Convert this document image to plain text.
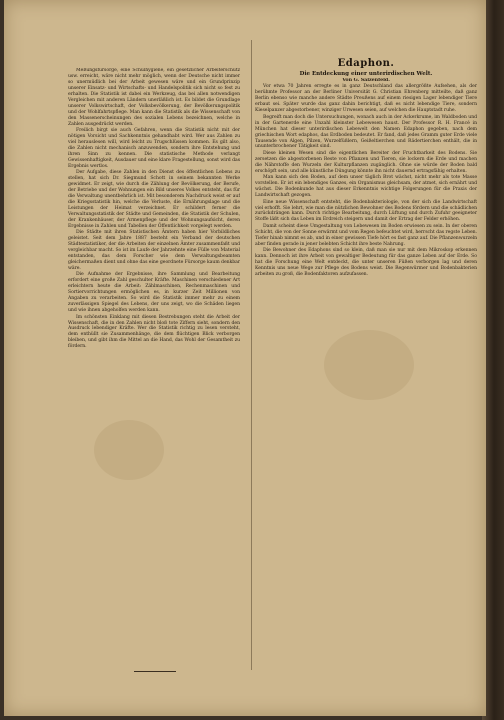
Meßungsfürsorge, eine Schulhygiene, ein gesetzlicher Arbeiterschutz usw. erreicht, wäre nicht mehr möglich, wenn der Deutsche nicht immer so unermüdlich bei der Arbeit gewesen wäre und ein Grundprinzip unserer Einsatz- und Wirtschafts- und Handelspolitik sich nicht so fest zu erhalten. Die Statistik ist dabei ein Werkzeug, das bei allen notwendigen Vergleichen mit anderen Ländern unerläßlich ist. Es bildet die Grundlage unserer Volkswirtschaft, der Volksbevölkerung, der Bevölkerungspolitik und der Wohlfahrtspflege. Man kann die Statistik als die Wissenschaft von den Massenerscheinungen des sozialen Lebens bezeichnen, welche in Zahlen ausgedrückt werden.

Freilich birgt sie auch Gefahren, wenn die Statistik nicht mit der nötigen Vorsicht und Sachkenntnis gehandhabt wird. Wer aus Zahlen zu viel herauslesen will, wird leicht zu Trugschlüssen kommen. Es gilt also, die Zahlen nicht mechanisch anzuwenden, sondern ihre Entstehung und ihren Sinn zu kennen. Die statistische Methode verlangt Gewissenhaftigkeit, Ausdauer und eine klare Fragestellung, sonst wird das Ergebnis wertlos.

Der Aufgabe, diese Zahlen in den Dienst des öffentlichen Lebens zu stellen, hat sich Dr. Siegmund Schott in seinem bekannten Werke gewidmet. Er zeigt, wie durch die Zählung der Bevölkerung, der Berufe, der Betriebe und der Wohnungen ein Bild unseres Volkes entsteht, das für die Verwaltung unentbehrlich ist. Mit besonderem Nachdruck weist er auf die Kriegsstatistik hin, welche die Verluste, die Ernährungslage und die Leistungen der Heimat verzeichnet. Er schildert ferner die Verwaltungsstatistik der Städte und Gemeinden, die Statistik der Schulen, der Krankenhäuser, der Armenpflege und der Wohnungsaufsicht, deren Ergebnisse in Zahlen und Tabellen der Öffentlichkeit vorgelegt werden.

Die Städte mit ihren Statistischen Ämtern haben hier Vorbildliches geleistet. Seit dem Jahre 1887 besteht ein Verband der deutschen Städtestatistiker, der die Arbeiten der einzelnen Ämter zusammenfaßt und vergleichbar macht. So ist im Laufe der Jahrzehnte eine Fülle von Material entstanden, das dem Forscher wie dem Verwaltungsbeamten gleichermaßen dient und ohne das eine geordnete Fürsorge kaum denkbar wäre.

Die Aufnahme der Ergebnisse, ihre Sammlung und Bearbeitung erfordert eine große Zahl geschulter Kräfte. Maschinen verschiedener Art erleichtern heute die Arbeit: Zählmaschinen, Rechenmaschinen und Sortiervorrichtungen ermöglichen es, in kurzer Zeit Millionen von Angaben zu verarbeiten. So wird die Statistik immer mehr zu einem zuverlässigen Spiegel des Lebens, der uns zeigt, wo die Schäden liegen und wie ihnen abgeholfen werden kann.

Im schönsten Einklang mit diesen Bestrebungen steht die Arbeit der Wissenschaft, die in den Zahlen nicht bloß tote Ziffern sieht, sondern den Ausdruck lebendiger Kräfte. Wer die Statistik richtig zu lesen versteht, dem enthüllt sie Zusammenhänge, die dem flüchtigen Blick verborgen bleiben, und gibt ihm die Mittel an die Hand, das Wohl der Gesamtheit zu fördern.

Edaphon.
Die Entdeckung einer unterirdischen Welt.

Von G. Salzenfeld.

Vor etwa 70 Jahren erregte es in ganz Deutschland das allergrößte Aufsehen, als der berühmte Professor an der Berliner Universität G. Christian Ehrenberg mitteilte, daß ganz Berlin ebenso wie manche andere Städte Preußens auf einem riesigen Lager lebendiger Tiere erbaut sei. Später wurde das ganz dahin berichtigt, daß es nicht lebendige Tiere, sondern Kieselpanzer abgestorbener, winziger Urwesen seien, auf welchen die Hauptstadt ruhe.

Begreift man doch die Untersuchungen, wonach auch in der Ackerkrume, im Waldboden und in der Gartenerde eine Unzahl kleinster Lebewesen haust. Der Professor R. H. Francé in München hat dieser unterirdischen Lebewelt den Namen Edaphon gegeben, nach dem griechischen Wort edaphos, das Erdboden bedeutet. Er fand, daß jedes Gramm guter Erde viele Tausende von Algen, Pilzen, Wurzelfüßlern, Geißeltierchen und Rädertierchen enthält, die in ununterbrochener Tätigkeit sind.

Diese kleinen Wesen sind die eigentlichen Bereiter der Fruchtbarkeit des Bodens. Sie zersetzen die abgestorbenen Reste von Pflanzen und Tieren, sie lockern die Erde und machen die Nährstoffe den Wurzeln der Kulturpflanzen zugänglich. Ohne sie würde der Boden bald erschöpft sein, und alle künstliche Düngung könnte ihn nicht dauernd ertragsfähig erhalten.

Man kann sich den Boden, auf dem unser täglich Brot wächst, nicht mehr als tote Masse vorstellen. Er ist ein lebendiges Ganzes, ein Organismus gleichsam, der atmet, sich ernährt und wächst. Die Bodenkunde hat aus dieser Erkenntnis wichtige Folgerungen für die Praxis der Landwirtschaft gezogen.

Eine neue Wissenschaft entsteht, die Bodenbakteriologie, von der sich die Landwirtschaft viel erhofft. Sie lehrt, wie man die nützlichen Bewohner des Bodens fördern und die schädlichen zurückdrängen kann. Durch richtige Bearbeitung, durch Lüftung und durch Zufuhr geeigneter Stoffe läßt sich das Leben im Erdreich steigern und damit der Ertrag der Felder erhöhen.

Damit scheint diese Umgestaltung von Lebewesen im Boden erwiesen zu sein. In der oberen Schicht, die von der Sonne erwärmt und vom Regen befeuchtet wird, herrscht das regste Leben. Tiefer hinab nimmt es ab, und in einer gewissen Tiefe hört es fast ganz auf. Die Pflanzenwurzeln aber finden gerade in jener belebten Schicht ihre beste Nahrung.

Die Bewohner des Edaphons sind so klein, daß man sie nur mit dem Mikroskop erkennen kann. Dennoch ist ihre Arbeit von gewaltiger Bedeutung für das ganze Leben auf der Erde. So hat die Forschung eine Welt entdeckt, die unter unseren Füßen verborgen lag und deren Kenntnis uns neue Wege zur Pflege des Bodens weist. Die Regenwürmer und Bodenbakterien arbeiten zu groß, die Bodenfaktoren aufzufassen.
